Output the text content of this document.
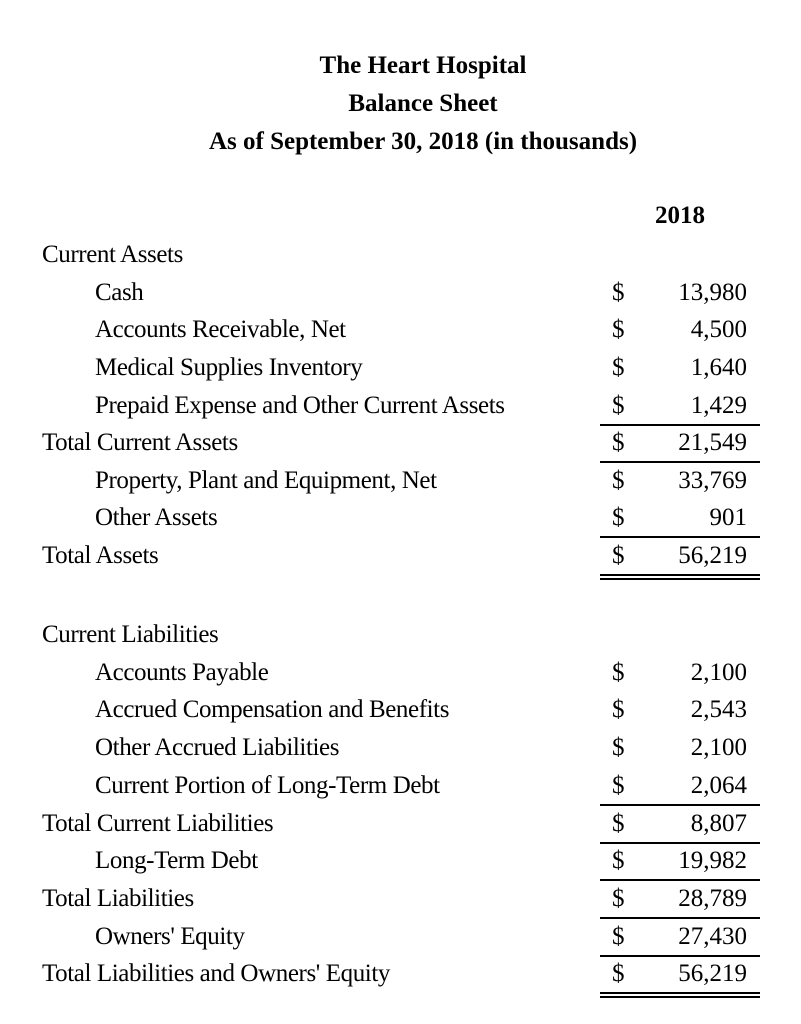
The Heart Hospital
Balance Sheet
As of September 30, 2018 (in thousands)
2018
Current Assets
Cash	$ 13,980
Accounts Receivable, Net	$	4,500
Medical Supplies Inventory	$	1,640
Prepaid Expense and Other Current Assets	$	1,429
Total Current Assets	$ 21,549
Property, Plant and Equipment, Net	$ 33,769
Other Assets	$	901
Total Assets	$ 56,219
Current Liabilities
Accounts Payable	$	2,100
Accrued Compensation and Benefits	$	2,543
Other Accrued Liabilities	$	2,100
Current Portion of Long-Term Debt	$	2,064
Total Current Liabilities	$	8,807
Long-Term Debt	$ 19,982
Total Liabilities	$ 28,789
Owners' Equity	$ 27,430
Total Liabilities and Owners' Equity	$ 56,219
